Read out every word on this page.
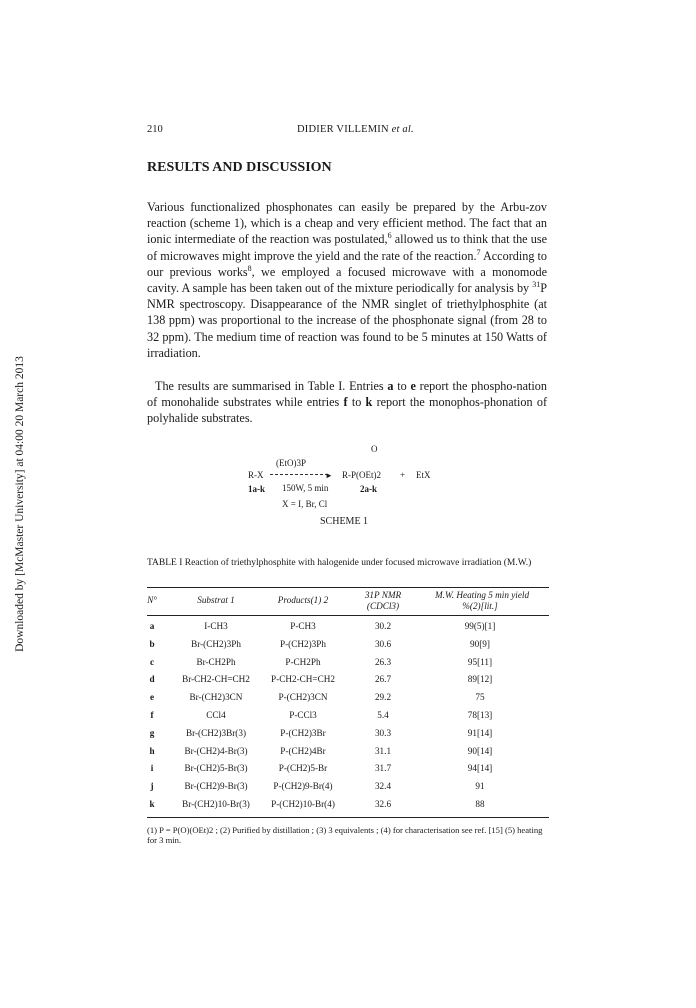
Downloaded by [McMaster University] at 04:00 20 March 2013
210	DIDIER VILLEMIN et al.
RESULTS AND DISCUSSION

Various functionalized phosphonates can easily be prepared by the Arbu-zov reaction (scheme 1), which is a cheap and very efficient method. The fact that an ionic intermediate of the reaction was postulated,$^6$ allowed us to think that the use of microwaves might improve the yield and the rate of the reaction.$^7$ According to our previous works$^8$, we employed a focused microwave with a monomode cavity. A sample has been taken out of the mixture periodically for analysis by $^{31}$P NMR spectroscopy. Disappearance of the NMR singlet of triethylphosphite (at 138 ppm) was proportional to the increase of the phosphonate signal (from 28 to 32 ppm). The medium time of reaction was found to be 5 minutes at 150 Watts of irradiation.

The results are summarised in Table I. Entries a to e report the phospho-nation of monohalide substrates while entries f to k report the monophos-phonation of polyhalide substrates.

(EtO)3P
O
R-X	► R-P(OEt)2 + EtX
1a-k 150W, 5 min	2a-k
X = I, Br, Cl
SCHEME 1

TABLE I Reaction of triethylphosphite with halogenide under focused microwave irradiation (M.W.)

N°	Substrat 1	Products(1) 2	31P NMR
(CDCl3)
M.W. Heating 5 min yield
%(2)[lit.]
a	I-CH3	P-CH3	30.2	99(5)[1]
b	Br-(CH2)3Ph	P-(CH2)3Ph	30.6	90[9]
c	Br-CH2Ph	P-CH2Ph	26.3	95[11]
d	Br-CH2-CH=CH2	P-CH2-CH=CH2	26.7	89[12]
e	Br-(CH2)3CN	P-(CH2)3CN	29.2	75
f	CCl4	P-CCl3	5.4	78[13]
g	Br-(CH2)3Br(3)	P-(CH2)3Br	30.3	91[14]
h	Br-(CH2)4-Br(3)	P-(CH2)4Br	31.1	90[14]
i	Br-(CH2)5-Br(3)	P-(CH2)5-Br	31.7	94[14]
j	Br-(CH2)9-Br(3)	P-(CH2)9-Br(4)	32.4	91
k	Br-(CH2)10-Br(3)	P-(CH2)10-Br(4)	32.6	88

(1) P = P(O)(OEt)2 ; (2) Purified by distillation ; (3) 3 equivalents ; (4) for characterisation see ref. [15] (5) heating for 3 min.
